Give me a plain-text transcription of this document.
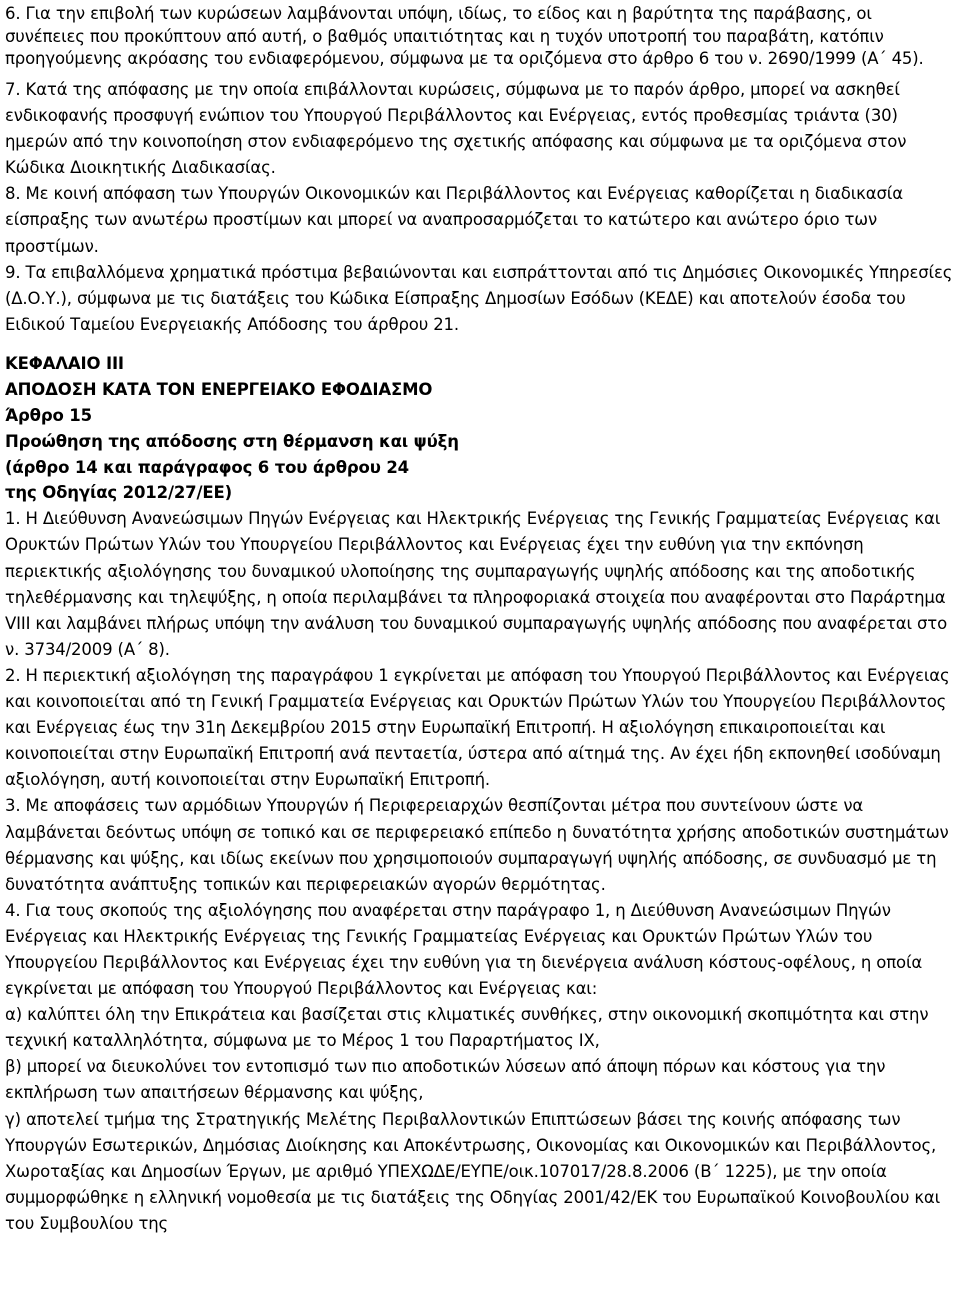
6. Για την επιβολή των κυρώσεων λαμβάνονται υπόψη, ιδίως, το είδος και η βαρύτητα της παράβασης, οι συνέπειες που προκύπτουν από αυτή, ο βαθμός υπαιτιότητας και η τυχόν υποτροπή του παραβάτη, κατόπιν προηγούμενης ακρόασης του ενδιαφερόμενου, σύμφωνα με τα οριζόμενα στο άρθρο 6 του ν. 2690/1999 (Α΄ 45).

7. Κατά της απόφασης με την οποία επιβάλλονται κυρώσεις, σύμφωνα με το παρόν άρθρο, μπορεί να ασκηθεί ενδικοφανής προσφυγή ενώπιον του Υπουργού Περιβάλλοντος και Ενέργειας, εντός προθεσμίας τριάντα (30) ημερών από την κοινοποίηση στον ενδιαφερόμενο της σχετικής απόφασης και σύμφωνα με τα οριζόμενα στον Κώδικα Διοικητικής Διαδικασίας.

8. Με κοινή απόφαση των Υπουργών Οικονομικών και Περιβάλλοντος και Ενέργειας καθορίζεται η διαδικασία είσπραξης των ανωτέρω προστίμων και μπορεί να αναπροσαρμόζεται το κατώτερο και ανώτερο όριο των προστίμων.

9. Τα επιβαλλόμενα χρηματικά πρόστιμα βεβαιώνονται και εισπράττονται από τις Δημόσιες Οικονομικές Υπηρεσίες (Δ.Ο.Υ.), σύμφωνα με τις διατάξεις του Κώδικα Είσπραξης Δημοσίων Εσόδων (ΚΕΔΕ) και αποτελούν έσοδα του Ειδικού Ταμείου Ενεργειακής Απόδοσης του άρθρου 21.

ΚΕΦΑΛΑΙΟ ΙΙΙ
ΑΠΟΔΟΣΗ ΚΑΤΑ ΤΟΝ ΕΝΕΡΓΕΙΑΚΟ ΕΦΟΔΙΑΣΜΟ
Άρθρο 15
Προώθηση της απόδοσης στη θέρμανση και ψύξη
(άρθρο 14 και παράγραφος 6 του άρθρου 24
της Οδηγίας 2012/27/ΕΕ)

1. Η Διεύθυνση Ανανεώσιμων Πηγών Ενέργειας και Ηλεκτρικής Ενέργειας της Γενικής Γραμματείας Ενέργειας και Ορυκτών Πρώτων Υλών του Υπουργείου Περιβάλλοντος και Ενέργειας έχει την ευθύνη για την εκπόνηση περιεκτικής αξιολόγησης του δυναμικού υλοποίησης της συμπαραγωγής υψηλής απόδοσης και της αποδοτικής τηλεθέρμανσης και τηλεψύξης, η οποία περιλαμβάνει τα πληροφοριακά στοιχεία που αναφέρονται στο Παράρτημα VIII και λαμβάνει πλήρως υπόψη την ανάλυση του δυναμικού συμπαραγωγής υψηλής απόδοσης που αναφέρεται στο ν. 3734/2009 (Α΄ 8).

2. Η περιεκτική αξιολόγηση της παραγράφου 1 εγκρίνεται με απόφαση του Υπουργού Περιβάλλοντος και Ενέργειας και κοινοποιείται από τη Γενική Γραμματεία Ενέργειας και Ορυκτών Πρώτων Υλών του Υπουργείου Περιβάλλοντος και Ενέργειας έως την 31η Δεκεμβρίου 2015 στην Ευρωπαϊκή Επιτροπή. Η αξιολόγηση επικαιροποιείται και κοινοποιείται στην Ευρωπαϊκή Επιτροπή ανά πενταετία, ύστερα από αίτημά της. Αν έχει ήδη εκπονηθεί ισοδύναμη αξιολόγηση, αυτή κοινοποιείται στην Ευρωπαϊκή Επιτροπή.

3. Με αποφάσεις των αρμόδιων Υπουργών ή Περιφερειαρχών θεσπίζονται μέτρα που συντείνουν ώστε να λαμβάνεται δεόντως υπόψη σε τοπικό και σε περιφερειακό επίπεδο η δυνατότητα χρήσης αποδοτικών συστημάτων θέρμανσης και ψύξης, και ιδίως εκείνων που χρησιμοποιούν συμπαραγωγή υψηλής απόδοσης, σε συνδυασμό με τη δυνατότητα ανάπτυξης τοπικών και περιφερειακών αγορών θερμότητας.

4. Για τους σκοπούς της αξιολόγησης που αναφέρεται στην παράγραφο 1, η Διεύθυνση Ανανεώσιμων Πηγών Ενέργειας και Ηλεκτρικής Ενέργειας της Γενικής Γραμματείας Ενέργειας και Ορυκτών Πρώτων Υλών του Υπουργείου Περιβάλλοντος και Ενέργειας έχει την ευθύνη για τη διενέργεια ανάλυση κόστους-οφέλους, η οποία εγκρίνεται με απόφαση του Υπουργού Περιβάλλοντος και Ενέργειας και:

α) καλύπτει όλη την Επικράτεια και βασίζεται στις κλιματικές συνθήκες, στην οικονομική σκοπιμότητα και στην τεχνική καταλληλότητα, σύμφωνα με το Μέρος 1 του Παραρτήματος ΙΧ,

β) μπορεί να διευκολύνει τον εντοπισμό των πιο αποδοτικών λύσεων από άποψη πόρων και κόστους για την εκπλήρωση των απαιτήσεων θέρμανσης και ψύξης,

γ) αποτελεί τμήμα της Στρατηγικής Μελέτης Περιβαλλοντικών Επιπτώσεων βάσει της κοινής απόφασης των Υπουργών Εσωτερικών, Δημόσιας Διοίκησης και Αποκέντρωσης, Οικονομίας και Οικονομικών και Περιβάλλοντος, Χωροταξίας και Δημοσίων Έργων, με αριθμό ΥΠΕΧΩΔΕ/ΕΥΠΕ/οικ.107017/28.8.2006 (Β΄ 1225), με την οποία συμμορφώθηκε η ελληνική νομοθεσία με τις διατάξεις της Οδηγίας 2001/42/ΕΚ του Ευρωπαϊκού Κοινοβουλίου και του Συμβουλίου της
